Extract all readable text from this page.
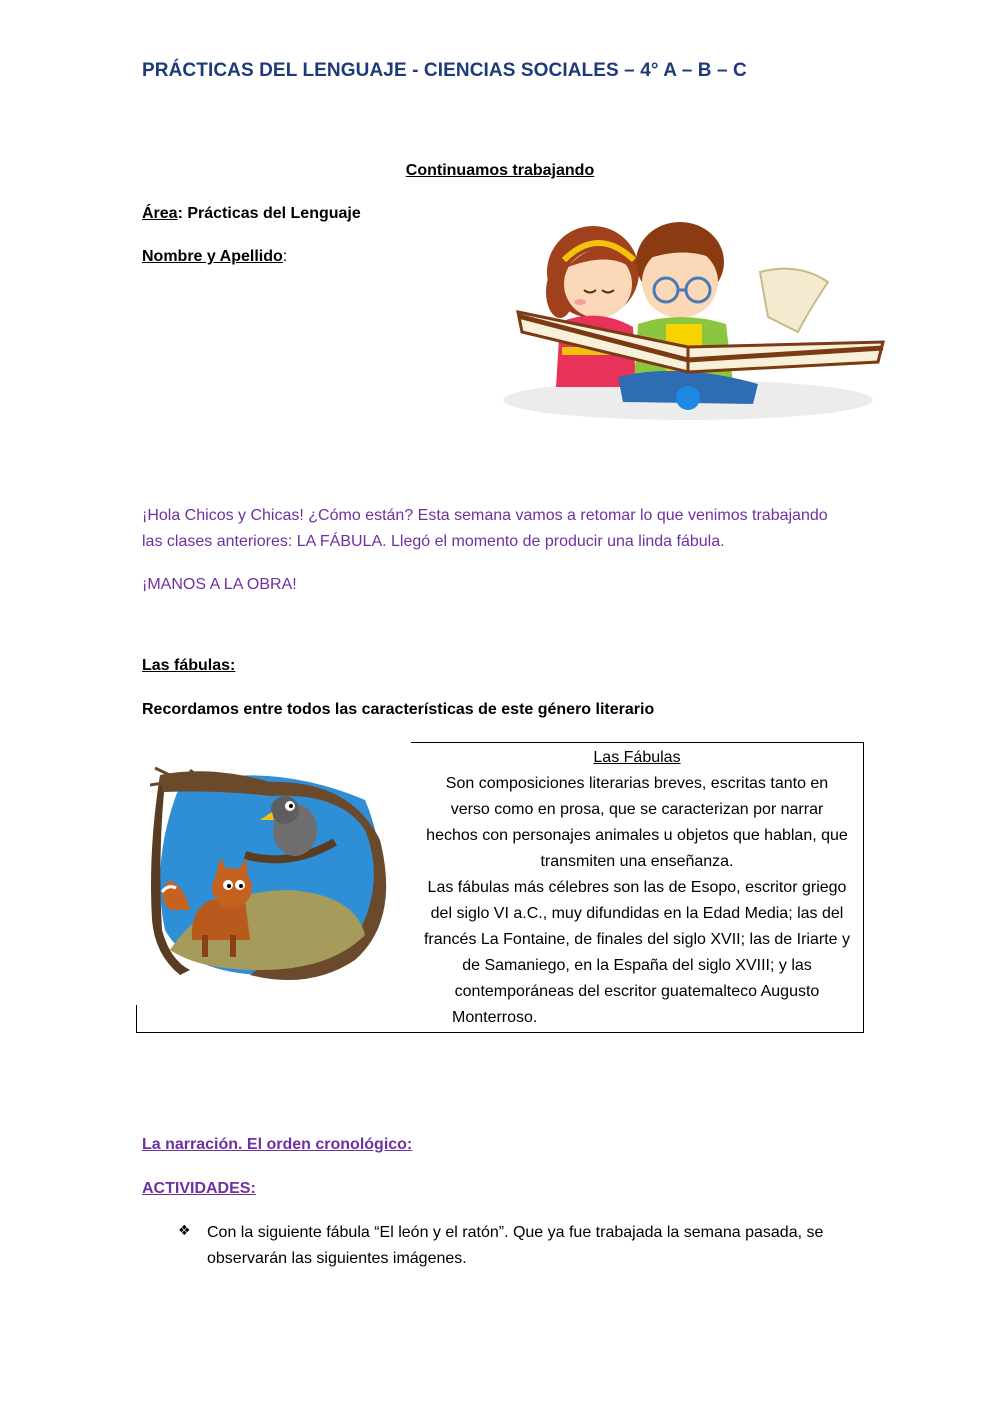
PRÁCTICAS DEL LENGUAJE - CIENCIAS SOCIALES – 4° A – B – C
Continuamos trabajando
Área: Prácticas del Lenguaje
Nombre y Apellido:
¡Hola Chicos y Chicas! ¿Cómo están? Esta semana vamos a retomar lo que venimos trabajando
las clases anteriores: LA FÁBULA. Llegó el momento de producir una linda fábula.
¡MANOS A LA OBRA!
Las fábulas:
Recordamos entre todos las características de este género literario
Las Fábulas
Son composiciones literarias breves, escritas tanto en
verso como en prosa, que se caracterizan por narrar
hechos con personajes animales u objetos que hablan, que
transmiten una enseñanza.
Las fábulas más célebres son las de Esopo, escritor griego
del siglo VI a.C., muy difundidas en la Edad Media; las del
francés La Fontaine, de finales del siglo XVII; las de Iriarte y
de Samaniego, en la España del siglo XVIII; y las
contemporáneas del escritor guatemalteco Augusto
Monterroso.
La narración. El orden cronológico:
ACTIVIDADES:
❖ Con la siguiente fábula “El león y el ratón”. Que ya fue trabajada la semana pasada, se
observarán las siguientes imágenes.
